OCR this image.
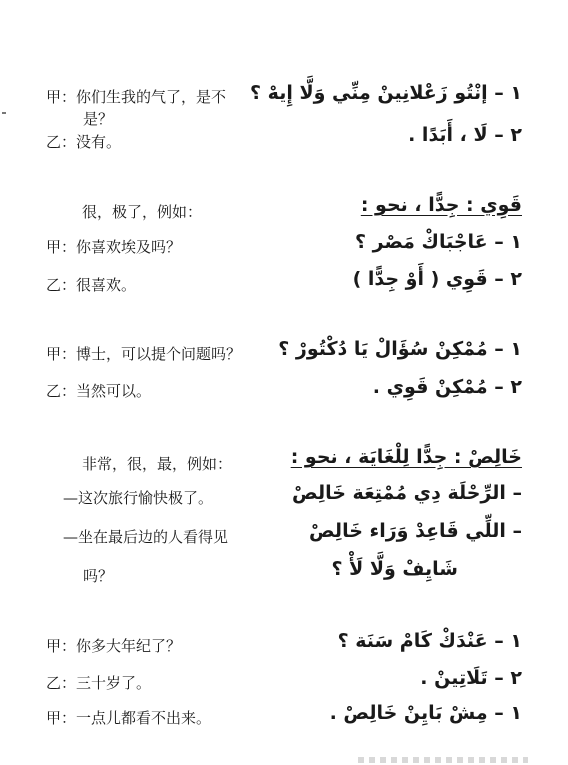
甲：你们生我的气了，是不
是？
乙：没有。
很，极了，例如：
甲：你喜欢埃及吗？
乙：很喜欢。
甲：博士，可以提个问题吗？
乙：当然可以。
非常，很，最，例如：
—这次旅行愉快极了。
—坐在最后边的人看得见
吗？
甲：你多大年纪了？
乙：三十岁了。
甲：一点儿都看不出来。
١ – إنْتُو زَعْلانِينْ مِنِّي وَلَّا إِيهْ ؟
٢ – لَا ، أَبَدًا .
قَوِي : جِدًّا ، نحو :
١ – عَاجْبَاكْ مَصْر ؟
٢ – قَوِي ( أَوْ جِدًّا )
١ – مُمْكِنْ سُؤَالْ يَا دُكْتُورْ ؟
٢ – مُمْكِنْ قَوِي .
خَالِصْ : جِدًّا لِلْغَايَة ، نحو :
– الرِّحْلَة دِي مُمْتِعَة خَالِصْ
– اللِّي قَاعِدْ وَرَاء خَالِصْ
شَايِفْ وَلَّا لَأْ ؟
١ – عَنْدَكْ كَامْ سَنَة ؟
٢ – تَلَاتِينْ .
١ – مِشْ بَايِنْ خَالِصْ .
